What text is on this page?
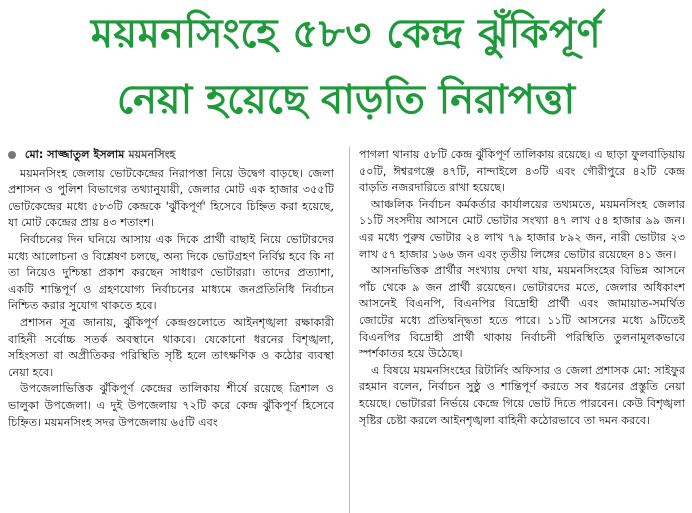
ময়মনসিংহে ৫৮৩ কেন্দ্র ঝুঁকিপূর্ণ
নেয়া হয়েছে বাড়তি নিরাপত্তা
মো: সাজ্জাতুল ইসলাম ময়মনসিংহ

ময়মনসিংহ জেলায় ভোটকেন্দ্রের নিরাপত্তা নিয়ে উদ্বেগ বাড়ছে। জেলা প্রশাসন ও পুলিশ বিভাগের তথ্যানুযায়ী, জেলার মোট এক হাজার ৩৫৫টি ভোটকেন্দ্রের মধ্যে ৫৮৩টি কেন্দ্রকে 'ঝুঁকিপূর্ণ' হিসেবে চিহ্নিত করা হয়েছে, যা মোট কেন্দ্রের প্রায় ৪৩ শতাংশ।

নির্বাচনের দিন ঘনিয়ে আসায় এক দিকে প্রার্থী বাছাই নিয়ে ভোটারদের মধ্যে আলোচনা ও বিশ্লেষণ চলছে, অন্য দিকে ভোটগ্রহণ নির্বিঘ্ন হবে কি না তা নিয়েও দুশ্চিন্তা প্রকাশ করছেন সাধারণ ভোটাররা। তাদের প্রত্যাশা, একটি শান্তিপূর্ণ ও গ্রহণযোগ্য নির্বাচনের মাধ্যমে জনপ্রতিনিধি নির্বাচন নিশ্চিত করার সুযোগ থাকতে হবে।

প্রশাসন সূত্র জানায়, ঝুঁকিপূর্ণ কেন্দ্রগুলোতে আইনশৃঙ্খলা রক্ষাকারী বাহিনী সর্বোচ্চ সতর্ক অবস্থানে থাকবে। যেকোনো ধরনের বিশৃঙ্খলা, সহিংসতা বা অপ্রীতিকর পরিস্থিতি সৃষ্টি হলে তাৎক্ষণিক ও কঠোর ব্যবস্থা নেয়া হবে।

উপজেলাভিত্তিক ঝুঁকিপূর্ণ কেন্দ্রের তালিকায় শীর্ষে রয়েছে ত্রিশাল ও ভালুকা উপজেলা। এ দুই উপজেলায় ৭২টি করে কেন্দ্র ঝুঁকিপূর্ণ হিসেবে চিহ্নিত। ময়মনসিংহ সদর উপজেলায় ৬৫টি এবং

পাগলা থানায় ৫৮টি কেন্দ্র ঝুঁকিপূর্ণ তালিকায় রয়েছে। এ ছাড়া ফুলবাড়িয়ায় ৫০টি, ঈশ্বরগঞ্জে ৪৭টি, নান্দাইলে ৪৩টি এবং গৌরীপুরে ৪২টি কেন্দ্র বাড়তি নজরদারিতে রাখা হয়েছে।

আঞ্চলিক নির্বাচন কর্মকর্তার কার্যালয়ের তথ্যমতে, ময়মনসিংহ জেলার ১১টি সংসদীয় আসনে মোট ভোটার সংখ্যা ৪৭ লাখ ৫৪ হাজার ৯৯ জন। এর মধ্যে পুরুষ ভোটার ২৪ লাখ ৭৯ হাজার ৮৯২ জন, নারী ভোটার ২৩ লাখ ৫৭ হাজার ১৬৬ জন এবং তৃতীয় লিঙ্গের ভোটার রয়েছেন ৪১ জন।

আসনভিত্তিক প্রার্থীর সংখ্যায় দেখা যায়, ময়মনসিংহের বিভিন্ন আসনে পাঁচ থেকে ৯ জন প্রার্থী রয়েছেন। ভোটারদের মতে, জেলার অধিকাংশ আসনেই বিএনপি, বিএনপির বিদ্রোহী প্রার্থী এবং জামায়াত-সমর্থিত জোটের মধ্যে প্রতিদ্বন্দ্বিতা হতে পারে। ১১টি আসনের মধ্যে ৯টিতেই বিএনপির বিদ্রোহী প্রার্থী থাকায় নির্বাচনী পরিস্থিতি তুলনামূলকভাবে স্পর্শকাতর হয়ে উঠেছে।

এ বিষয়ে ময়মনসিংহের রিটার্নিং অফিসার ও জেলা প্রশাসক মো: সাইফুর রহমান বলেন, নির্বাচন সুষ্ঠু ও শান্তিপূর্ণ করতে সব ধরনের প্রস্তুতি নেয়া হয়েছে। ভোটাররা নির্ভয়ে কেন্দ্রে গিয়ে ভোট দিতে পারবেন। কেউ বিশৃঙ্খলা সৃষ্টির চেষ্টা করলে আইনশৃঙ্খলা বাহিনী কঠোরভাবে তা দমন করবে।
